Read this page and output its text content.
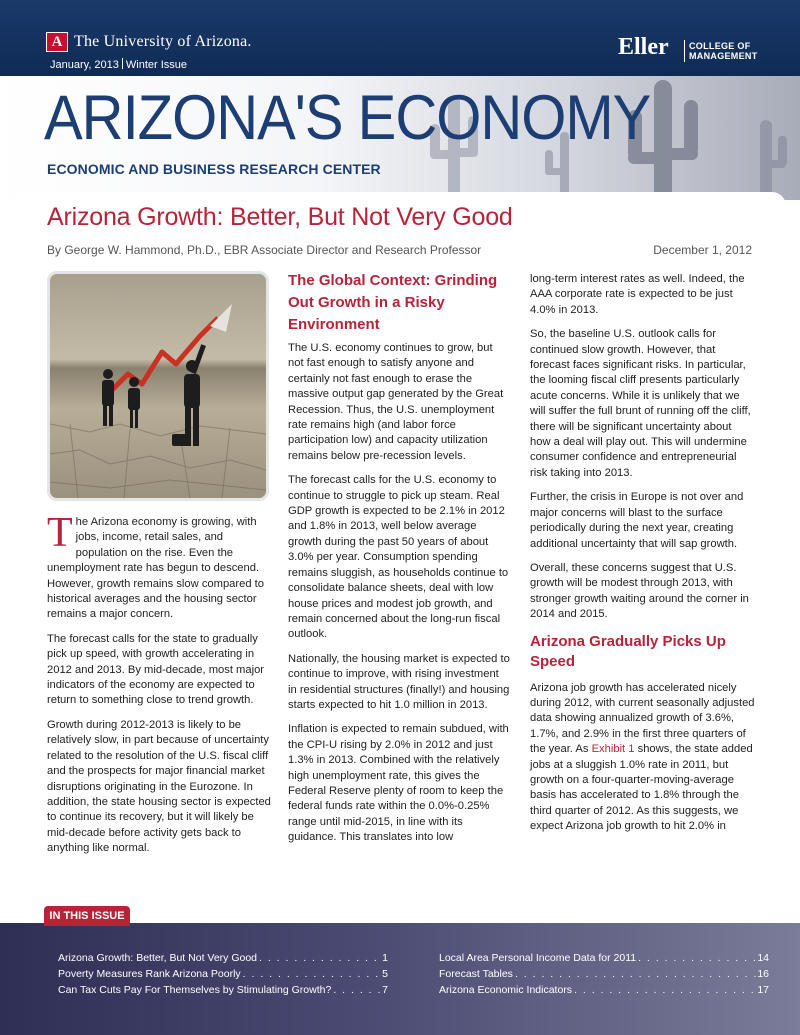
A The University of Arizona.
January, 2013 Winter Issue
Eller COLLEGE OF
MANAGEMENT
ARIZONA'S ECONOMY
ECONOMIC AND BUSINESS RESEARCH CENTER
Arizona Growth: Better, But Not Very Good
By George W. Hammond, Ph.D., EBR Associate Director and Research Professor	December 1, 2012

The Arizona economy is growing, with jobs, income, retail sales, and population on the rise. Even the unemployment rate has begun to descend. However, growth remains slow compared to historical averages and the housing sector remains a major concern.

The forecast calls for the state to gradually pick up speed, with growth accelerating in 2012 and 2013. By mid-decade, most major indicators of the economy are expected to return to something close to trend growth.

Growth during 2012-2013 is likely to be relatively slow, in part because of uncertainty related to the resolution of the U.S. fiscal cliff and the prospects for major financial market disruptions originating in the Eurozone. In addition, the state housing sector is expected to continue its recovery, but it will likely be mid-decade before activity gets back to anything like normal.

The Global Context: Grinding Out Growth in a Risky Environment

The U.S. economy continues to grow, but not fast enough to satisfy anyone and certainly not fast enough to erase the massive output gap generated by the Great Recession. Thus, the U.S. unemployment rate remains high (and labor force participation low) and capacity utilization remains below pre-recession levels.

The forecast calls for the U.S. economy to continue to struggle to pick up steam. Real GDP growth is expected to be 2.1% in 2012 and 1.8% in 2013, well below average growth during the past 50 years of about 3.0% per year. Consumption spending remains sluggish, as households continue to consolidate balance sheets, deal with low house prices and modest job growth, and remain concerned about the long-run fiscal outlook.

Nationally, the housing market is expected to continue to improve, with rising investment in residential structures (finally!) and housing starts expected to hit 1.0 million in 2013.

Inflation is expected to remain subdued, with the CPI-U rising by 2.0% in 2012 and just 1.3% in 2013. Combined with the relatively high unemployment rate, this gives the Federal Reserve plenty of room to keep the federal funds rate within the 0.0%-0.25% range until mid-2015, in line with its guidance. This translates into low

long-term interest rates as well. Indeed, the AAA corporate rate is expected to be just 4.0% in 2013.

So, the baseline U.S. outlook calls for continued slow growth. However, that forecast faces significant risks. In particular, the looming fiscal cliff presents particularly acute concerns. While it is unlikely that we will suffer the full brunt of running off the cliff, there will be significant uncertainty about how a deal will play out. This will undermine consumer confidence and entrepreneurial risk taking into 2013.

Further, the crisis in Europe is not over and major concerns will blast to the surface periodically during the next year, creating additional uncertainty that will sap growth.

Overall, these concerns suggest that U.S. growth will be modest through 2013, with stronger growth waiting around the corner in 2014 and 2015.

Arizona Gradually Picks Up Speed

Arizona job growth has accelerated nicely during 2012, with current seasonally adjusted data showing annualized growth of 3.6%, 1.7%, and 2.9% in the first three quarters of the year. As Exhibit 1 shows, the state added jobs at a sluggish 1.0% rate in 2011, but growth on a four-quarter-moving-average basis has accelerated to 1.8% through the third quarter of 2012. As this suggests, we expect Arizona job growth to hit 2.0% in

IN THIS ISSUE
Arizona Growth: Better, But Not Very Good . . .	1
Poverty Measures Rank Arizona Poorly . . .	5
Can Tax Cuts Pay For Themselves by Stimulating Growth? . . .	7
Local Area Personal Income Data for 2011 . . .	14
Forecast Tables . . .	16
Arizona Economic Indicators . . .	17
